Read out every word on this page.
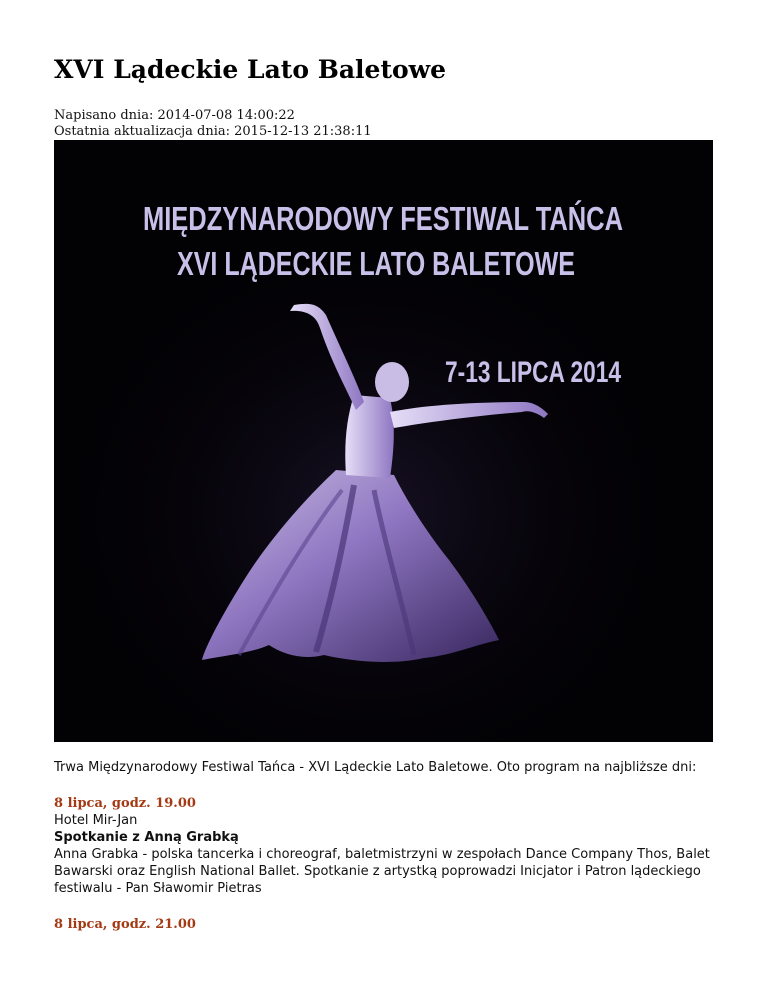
XVI Lądeckie Lato Baletowe
Napisano dnia: 2014-07-08 14:00:22
Ostatnia aktualizacja dnia: 2015-12-13 21:38:11
MIĘDZYNARODOWY FESTIWAL TAŃCA
XVI LĄDECKIE LATO BALETOWE
7-13 LIPCA 2014
Trwa Międzynarodowy Festiwal Tańca - XVI Lądeckie Lato Baletowe. Oto program na najbliższe dni:
8 lipca, godz. 19.00
Hotel Mir-Jan
Spotkanie z Anną Grabką
Anna Grabka - polska tancerka i choreograf, baletmistrzyni w zespołach Dance Company Thos, Balet Bawarski oraz English National Ballet. Spotkanie z artystką poprowadzi Inicjator i Patron lądeckiego festiwalu - Pan Sławomir Pietras
8 lipca, godz. 21.00
